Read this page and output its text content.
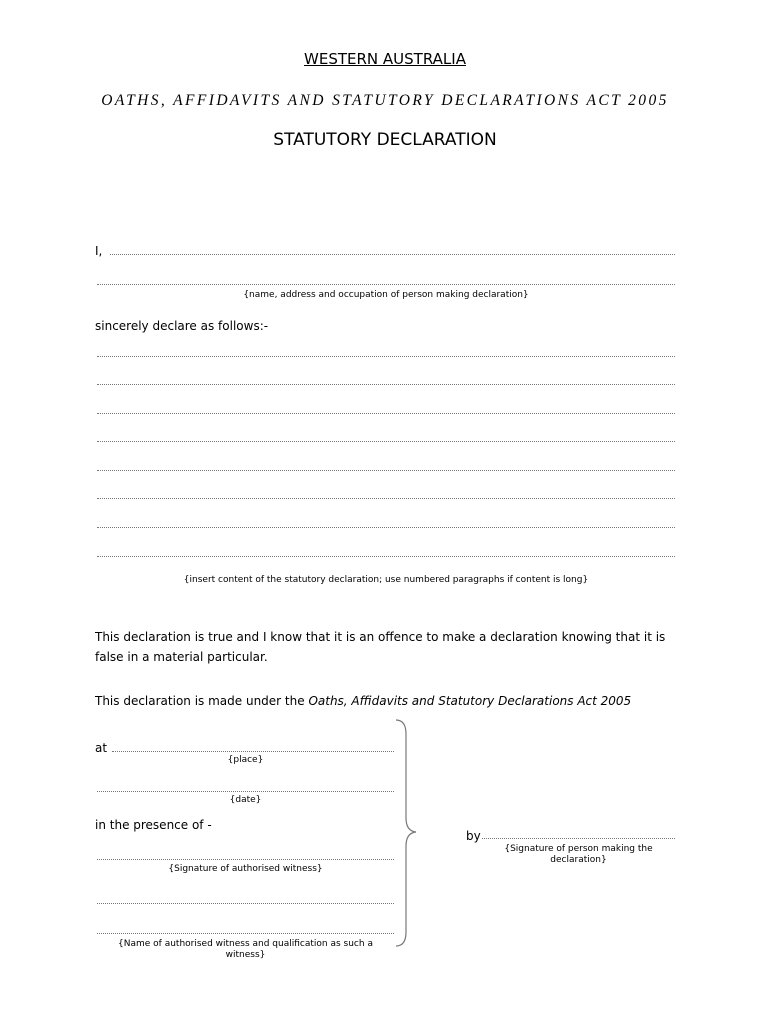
WESTERN AUSTRALIA
OATHS, AFFIDAVITS AND STATUTORY DECLARATIONS ACT 2005
STATUTORY DECLARATION
I,
{name, address and occupation of person making declaration}
sincerely declare as follows:-
{insert content of the statutory declaration; use numbered paragraphs if content is long}
This declaration is true and I know that it is an offence to make a declaration knowing that it is false in a material particular.
This declaration is made under the Oaths, Affidavits and Statutory Declarations Act 2005
at
{place}
{date}
in the presence of -
{Signature of authorised witness}
{Name of authorised witness and qualification as such a witness}
by
{Signature of person making the declaration}
